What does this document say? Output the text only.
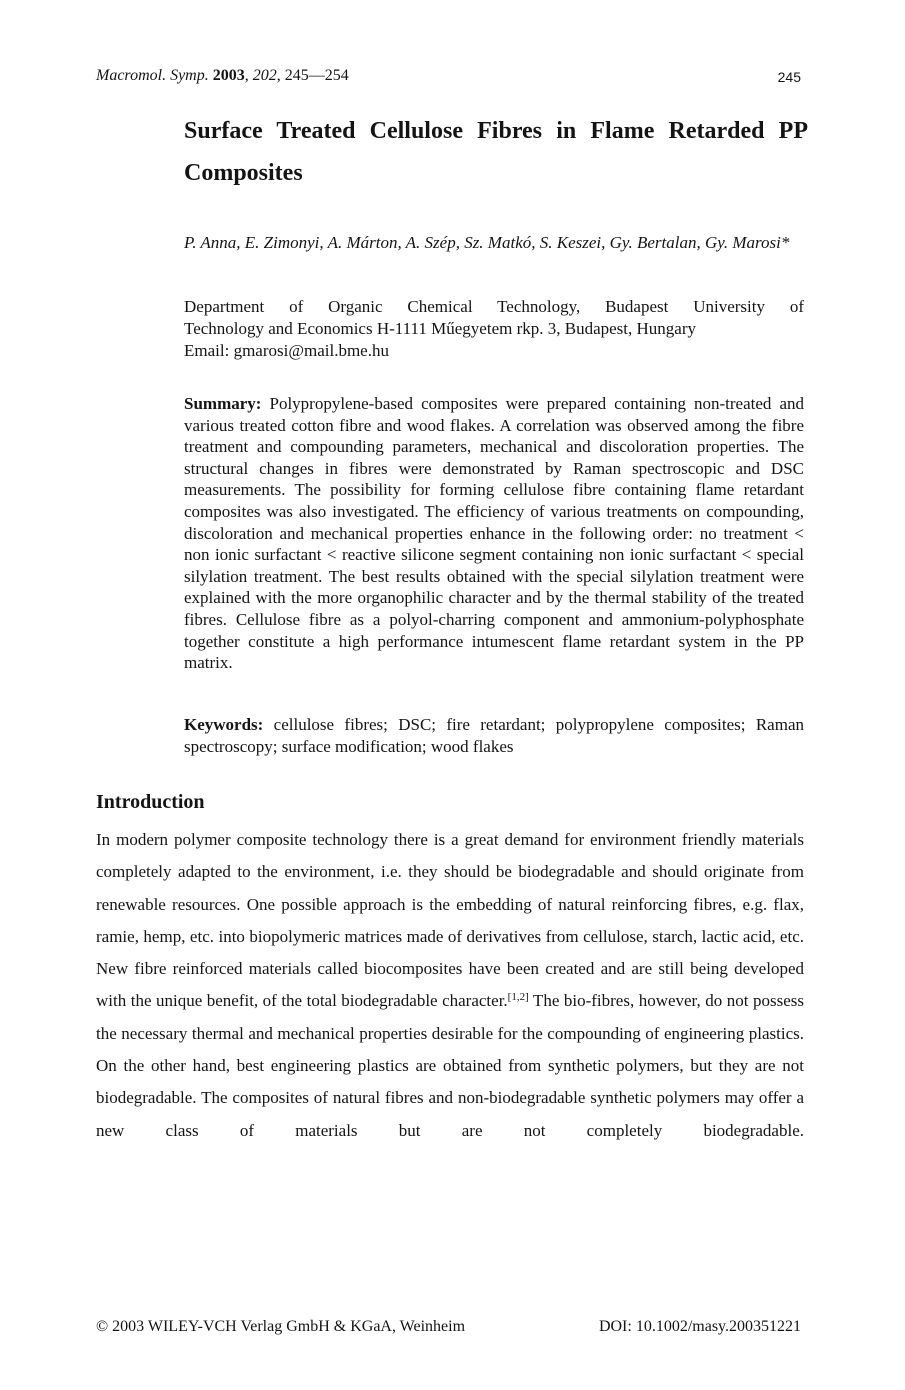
Macromol. Symp. 2003, 202, 245—254	245
Surface Treated Cellulose Fibres in Flame Retarded PP Composites

P. Anna, E. Zimonyi, A. Márton, A. Szép, Sz. Matkó, S. Keszei, Gy. Bertalan, Gy. Marosi*

Department of Organic Chemical Technology, Budapest University of
Technology and Economics H-1111 Műegyetem rkp. 3, Budapest, Hungary
Email: gmarosi@mail.bme.hu

Summary: Polypropylene-based composites were prepared containing non-treated and various treated cotton fibre and wood flakes. A correlation was observed among the fibre treatment and compounding parameters, mechanical and discoloration properties. The structural changes in fibres were demonstrated by Raman spectroscopic and DSC measurements. The possibility for forming cellulose fibre containing flame retardant composites was also investigated. The efficiency of various treatments on compounding, discoloration and mechanical properties enhance in the following order: no treatment < non ionic surfactant < reactive silicone segment containing non ionic surfactant < special silylation treatment. The best results obtained with the special silylation treatment were explained with the more organophilic character and by the thermal stability of the treated fibres. Cellulose fibre as a polyol-charring component and ammonium-polyphosphate together constitute a high performance intumescent flame retardant system in the PP matrix.

Keywords: cellulose fibres; DSC; fire retardant; polypropylene composites; Raman spectroscopy; surface modification; wood flakes

Introduction

In modern polymer composite technology there is a great demand for environment friendly materials completely adapted to the environment, i.e. they should be biodegradable and should originate from renewable resources. One possible approach is the embedding of natural reinforcing fibres, e.g. flax, ramie, hemp, etc. into biopolymeric matrices made of derivatives from cellulose, starch, lactic acid, etc. New fibre reinforced materials called biocomposites have been created and are still being developed with the unique benefit, of the total biodegradable character.[1,2] The bio-fibres, however, do not possess the necessary thermal and mechanical properties desirable for the compounding of engineering plastics. On the other hand, best engineering plastics are obtained from synthetic polymers, but they are not biodegradable. The composites of natural fibres and non-biodegradable synthetic polymers may offer a new class of materials but are not completely biodegradable.

© 2003 WILEY-VCH Verlag GmbH & KGaA, Weinheim	DOI: 10.1002/masy.200351221
